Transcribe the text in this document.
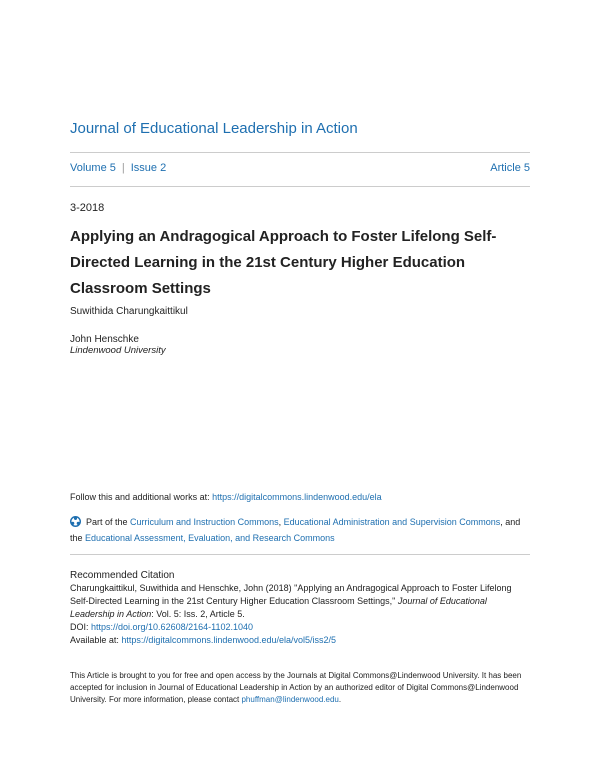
Journal of Educational Leadership in Action
Volume 5 | Issue 2	Article 5
3-2018
Applying an Andragogical Approach to Foster Lifelong Self-Directed Learning in the 21st Century Higher Education Classroom Settings
Suwithida Charungkaittikul
John Henschke
Lindenwood University
Follow this and additional works at: https://digitalcommons.lindenwood.edu/ela
Part of the Curriculum and Instruction Commons, Educational Administration and Supervision Commons, and the Educational Assessment, Evaluation, and Research Commons
Recommended Citation
Charungkaittikul, Suwithida and Henschke, John (2018) "Applying an Andragogical Approach to Foster Lifelong Self-Directed Learning in the 21st Century Higher Education Classroom Settings," Journal of Educational Leadership in Action: Vol. 5: Iss. 2, Article 5.
DOI: https://doi.org/10.62608/2164-1102.1040
Available at: https://digitalcommons.lindenwood.edu/ela/vol5/iss2/5
This Article is brought to you for free and open access by the Journals at Digital Commons@Lindenwood University. It has been accepted for inclusion in Journal of Educational Leadership in Action by an authorized editor of Digital Commons@Lindenwood University. For more information, please contact phuffman@lindenwood.edu.
